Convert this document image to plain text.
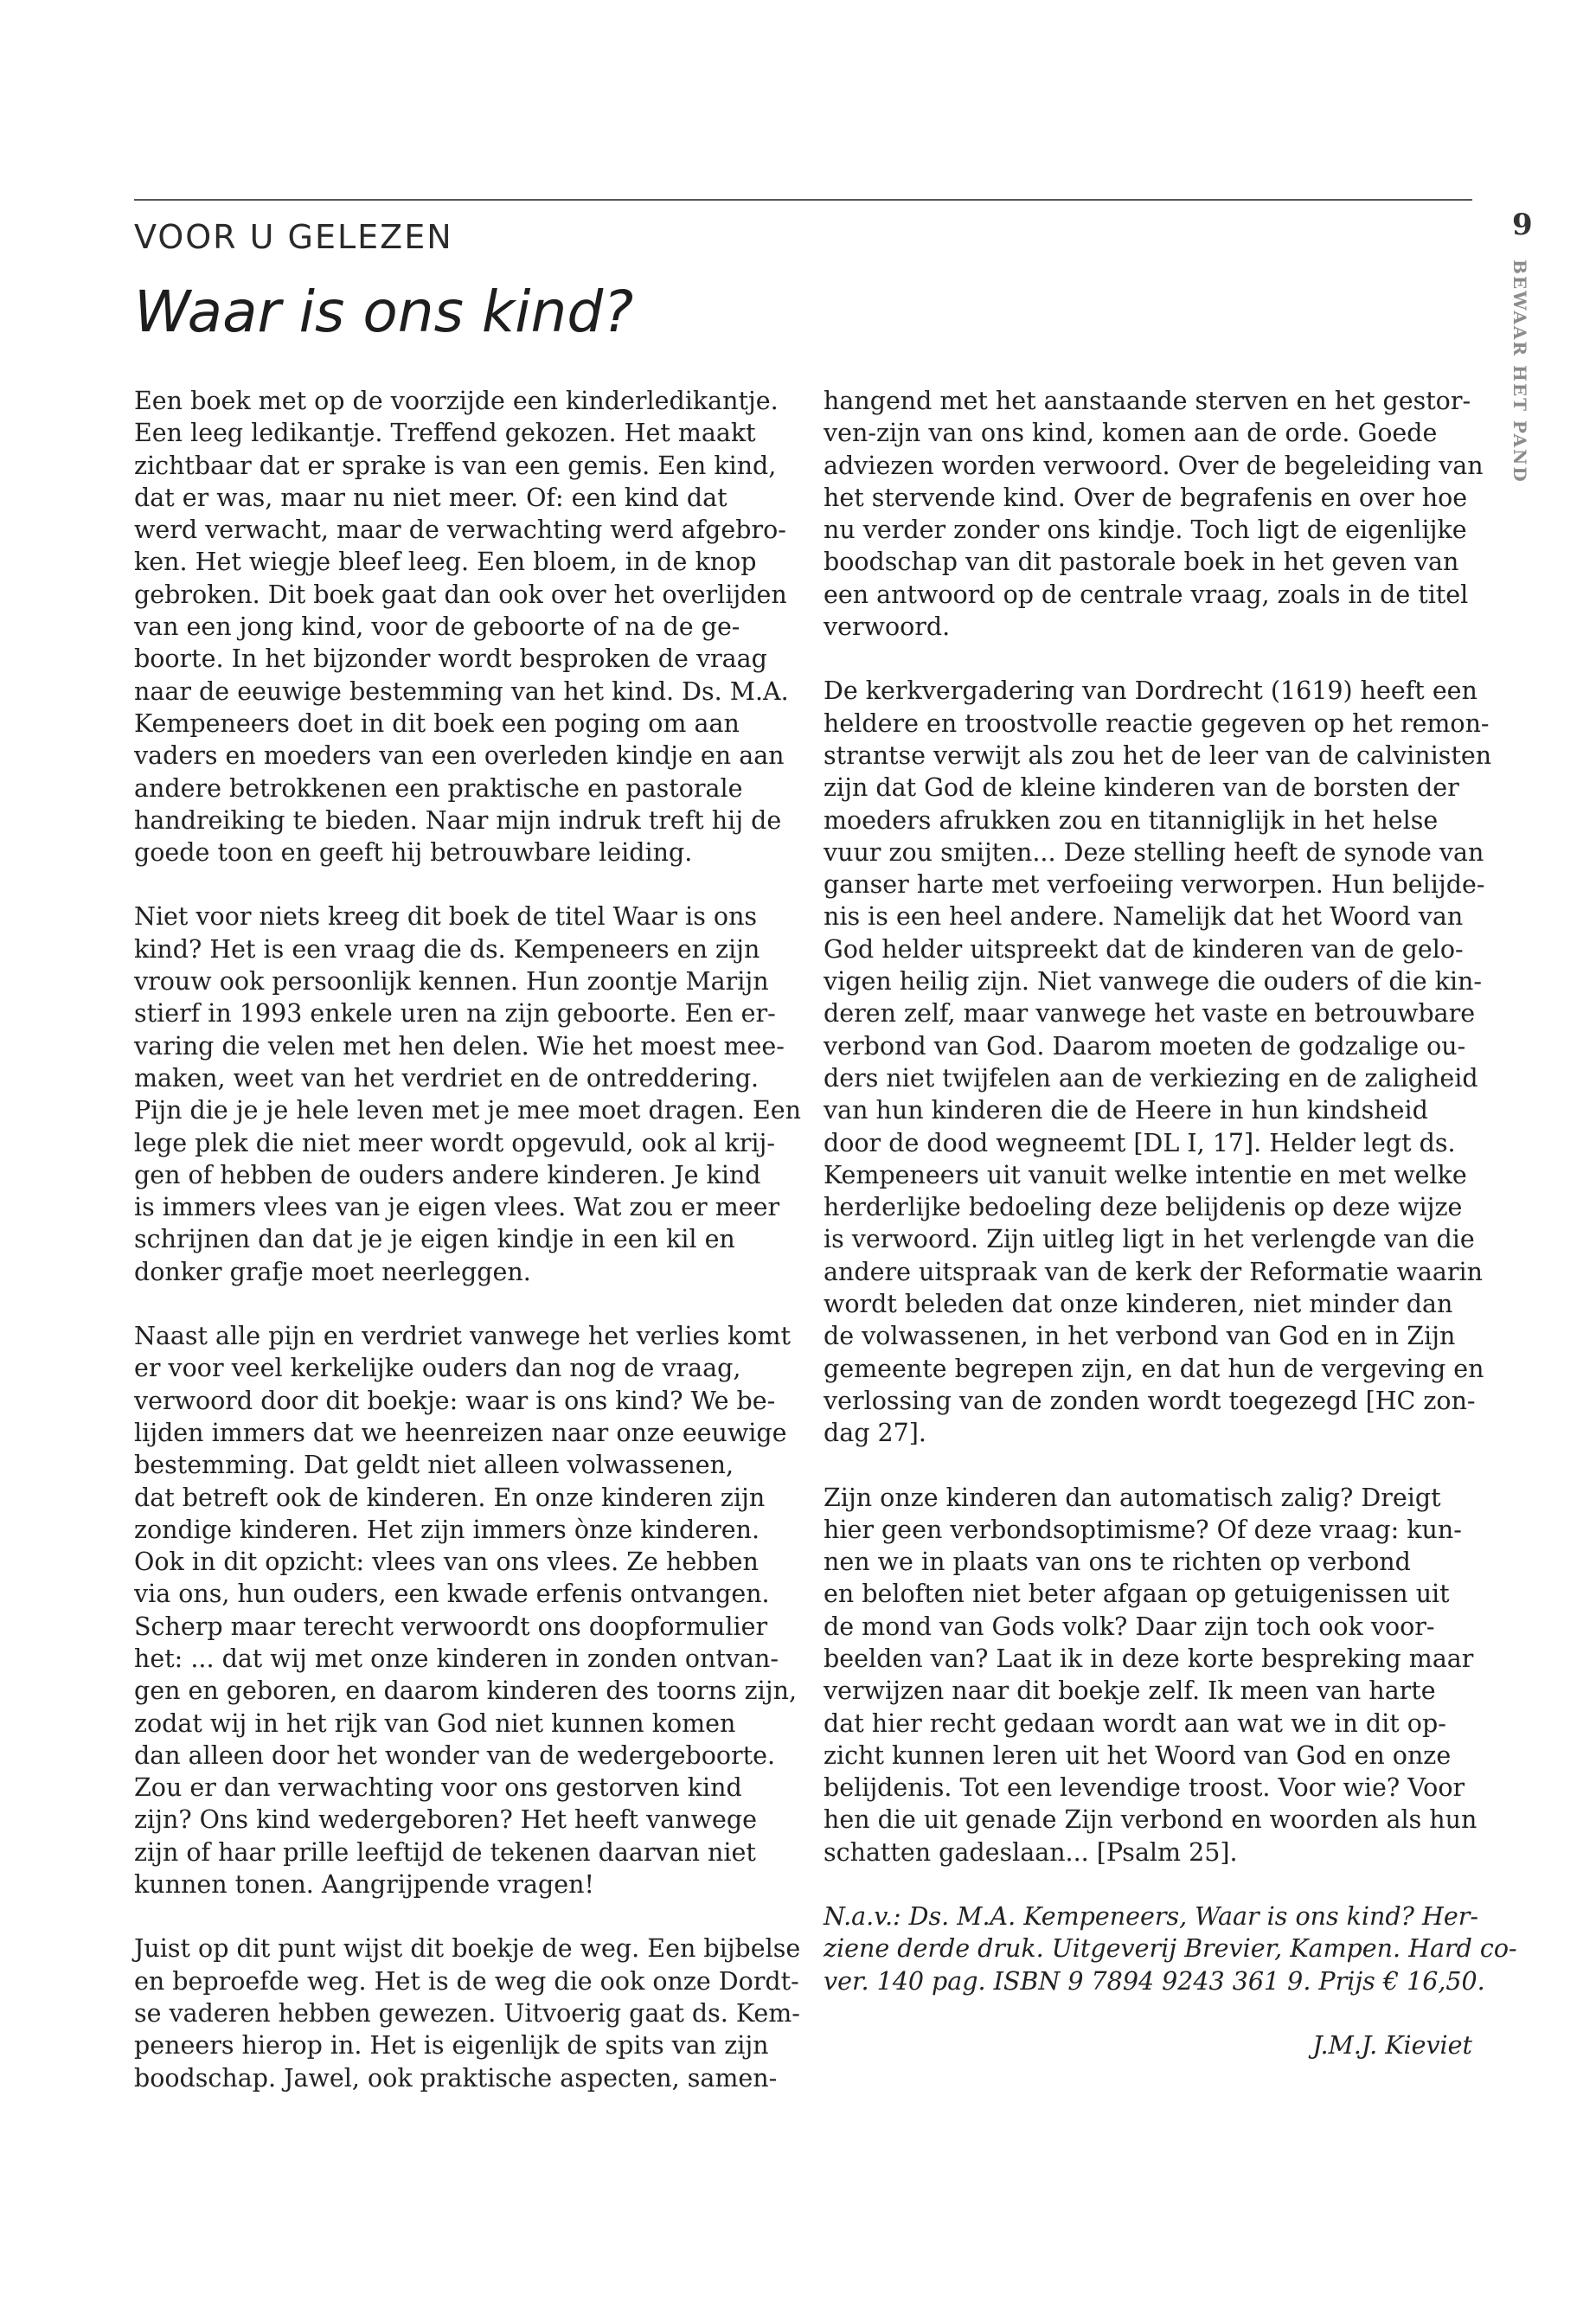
VOOR U GELEZEN	9
BEWAAR HET PAND
Waar is ons kind?
Een boek met op de voorzijde een kinderledikantje.
Een leeg ledikantje. Treffend gekozen. Het maakt
zichtbaar dat er sprake is van een gemis. Een kind,
dat er was, maar nu niet meer. Of: een kind dat
werd verwacht, maar de verwachting werd afgebro-
ken. Het wiegje bleef leeg. Een bloem, in de knop
gebroken. Dit boek gaat dan ook over het overlijden
van een jong kind, voor de geboorte of na de ge-
boorte. In het bijzonder wordt besproken de vraag
naar de eeuwige bestemming van het kind. Ds. M.A.
Kempeneers doet in dit boek een poging om aan
vaders en moeders van een overleden kindje en aan
andere betrokkenen een praktische en pastorale
handreiking te bieden. Naar mijn indruk treft hij de
goede toon en geeft hij betrouwbare leiding.
Niet voor niets kreeg dit boek de titel Waar is ons
kind? Het is een vraag die ds. Kempeneers en zijn
vrouw ook persoonlijk kennen. Hun zoontje Marijn
stierf in 1993 enkele uren na zijn geboorte. Een er-
varing die velen met hen delen. Wie het moest mee-
maken, weet van het verdriet en de ontreddering.
Pijn die je je hele leven met je mee moet dragen. Een
lege plek die niet meer wordt opgevuld, ook al krij-
gen of hebben de ouders andere kinderen. Je kind
is immers vlees van je eigen vlees. Wat zou er meer
schrijnen dan dat je je eigen kindje in een kil en
donker grafje moet neerleggen.
Naast alle pijn en verdriet vanwege het verlies komt
er voor veel kerkelijke ouders dan nog de vraag,
verwoord door dit boekje: waar is ons kind? We be-
lijden immers dat we heenreizen naar onze eeuwige
bestemming. Dat geldt niet alleen volwassenen,
dat betreft ook de kinderen. En onze kinderen zijn
zondige kinderen. Het zijn immers ònze kinderen.
Ook in dit opzicht: vlees van ons vlees. Ze hebben
via ons, hun ouders, een kwade erfenis ontvangen.
Scherp maar terecht verwoordt ons doopformulier
het: ... dat wij met onze kinderen in zonden ontvan-
gen en geboren, en daarom kinderen des toorns zijn,
zodat wij in het rijk van God niet kunnen komen
dan alleen door het wonder van de wedergeboorte.
Zou er dan verwachting voor ons gestorven kind
zijn? Ons kind wedergeboren? Het heeft vanwege
zijn of haar prille leeftijd de tekenen daarvan niet
kunnen tonen. Aangrijpende vragen!
Juist op dit punt wijst dit boekje de weg. Een bijbelse
en beproefde weg. Het is de weg die ook onze Dordt-
se vaderen hebben gewezen. Uitvoerig gaat ds. Kem-
peneers hierop in. Het is eigenlijk de spits van zijn
boodschap. Jawel, ook praktische aspecten, samen-
hangend met het aanstaande sterven en het gestor-
ven-zijn van ons kind, komen aan de orde. Goede
adviezen worden verwoord. Over de begeleiding van
het stervende kind. Over de begrafenis en over hoe
nu verder zonder ons kindje. Toch ligt de eigenlijke
boodschap van dit pastorale boek in het geven van
een antwoord op de centrale vraag, zoals in de titel
verwoord.
De kerkvergadering van Dordrecht (1619) heeft een
heldere en troostvolle reactie gegeven op het remon-
strantse verwijt als zou het de leer van de calvinisten
zijn dat God de kleine kinderen van de borsten der
moeders afrukken zou en titanniglijk in het helse
vuur zou smijten... Deze stelling heeft de synode van
ganser harte met verfoeiing verworpen. Hun belijde-
nis is een heel andere. Namelijk dat het Woord van
God helder uitspreekt dat de kinderen van de gelo-
vigen heilig zijn. Niet vanwege die ouders of die kin-
deren zelf, maar vanwege het vaste en betrouwbare
verbond van God. Daarom moeten de godzalige ou-
ders niet twijfelen aan de verkiezing en de zaligheid
van hun kinderen die de Heere in hun kindsheid
door de dood wegneemt [DL I, 17]. Helder legt ds.
Kempeneers uit vanuit welke intentie en met welke
herderlijke bedoeling deze belijdenis op deze wijze
is verwoord. Zijn uitleg ligt in het verlengde van die
andere uitspraak van de kerk der Reformatie waarin
wordt beleden dat onze kinderen, niet minder dan
de volwassenen, in het verbond van God en in Zijn
gemeente begrepen zijn, en dat hun de vergeving en
verlossing van de zonden wordt toegezegd [HC zon-
dag 27].
Zijn onze kinderen dan automatisch zalig? Dreigt
hier geen verbondsoptimisme? Of deze vraag: kun-
nen we in plaats van ons te richten op verbond
en beloften niet beter afgaan op getuigenissen uit
de mond van Gods volk? Daar zijn toch ook voor-
beelden van? Laat ik in deze korte bespreking maar
verwijzen naar dit boekje zelf. Ik meen van harte
dat hier recht gedaan wordt aan wat we in dit op-
zicht kunnen leren uit het Woord van God en onze
belijdenis. Tot een levendige troost. Voor wie? Voor
hen die uit genade Zijn verbond en woorden als hun
schatten gadeslaan... [Psalm 25].
N.a.v.: Ds. M.A. Kempeneers, Waar is ons kind? Her-
ziene derde druk. Uitgeverij Brevier, Kampen. Hard co-
ver. 140 pag. ISBN 9 7894 9243 361 9. Prijs € 16,50.
J.M.J. Kieviet
